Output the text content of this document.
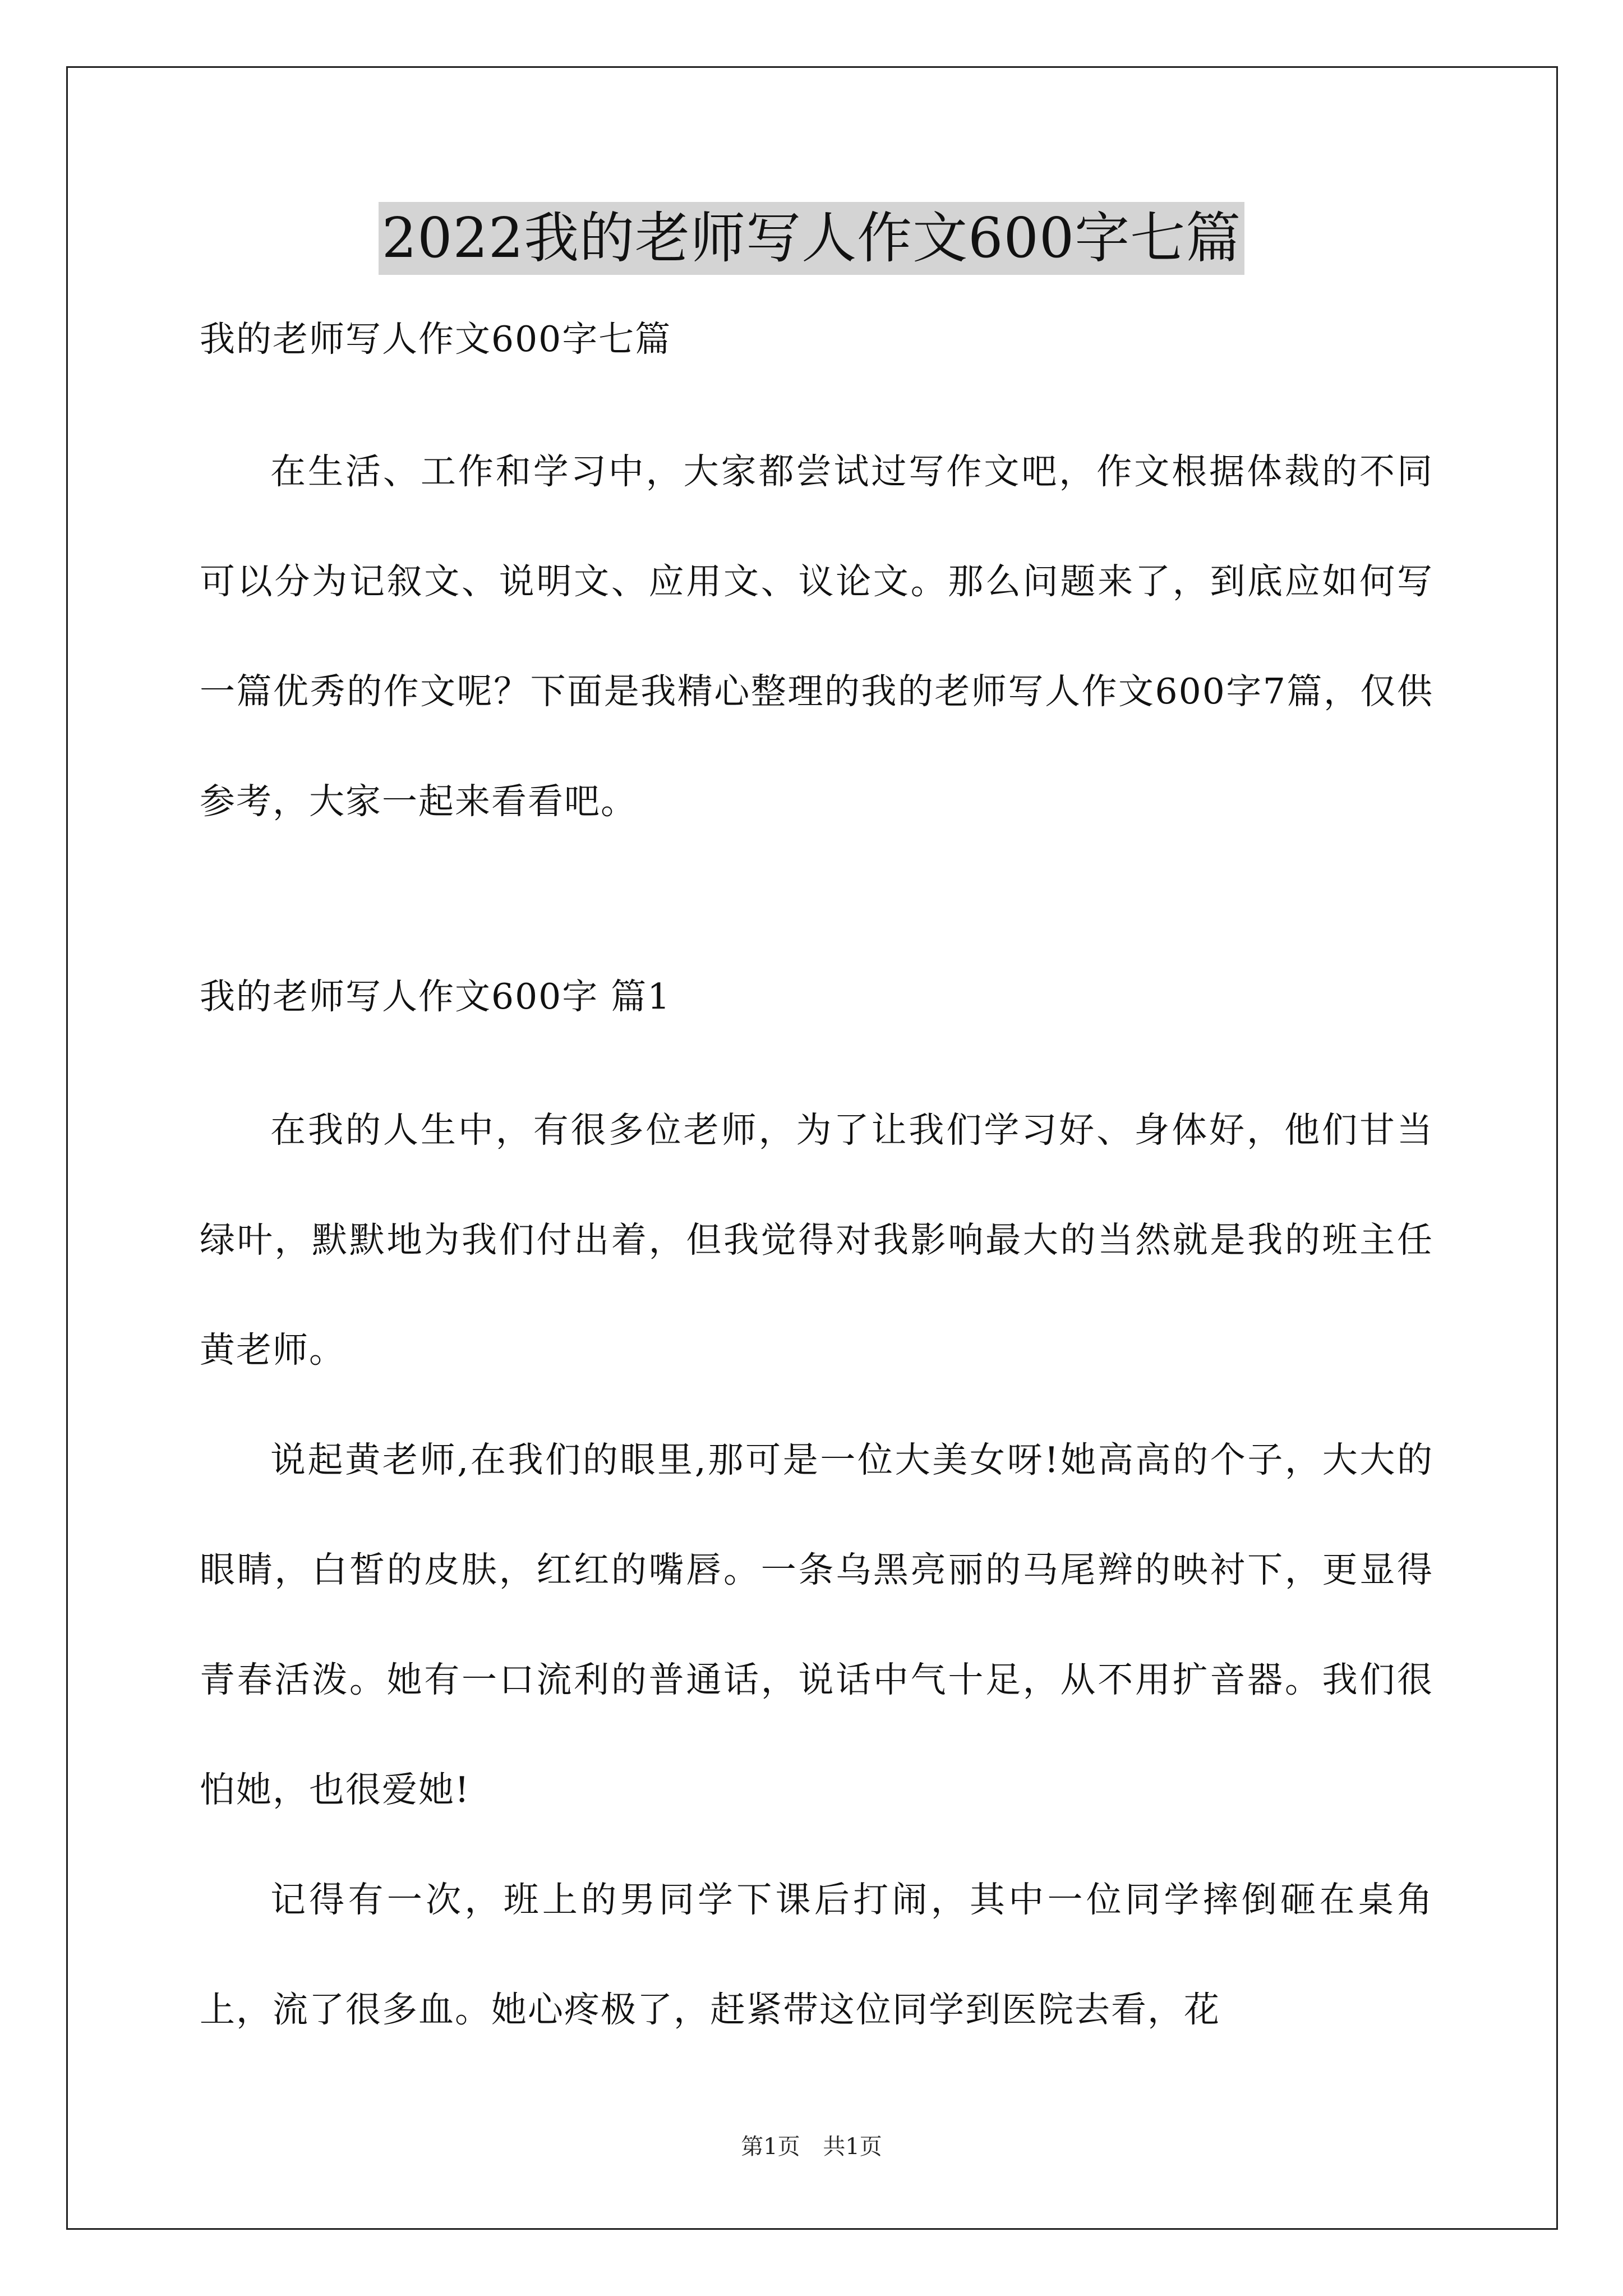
2022我的老师写人作文600字七篇

我的老师写人作文600字七篇

在生活、工作和学习中，大家都尝试过写作文吧，作文根据体裁的不同可以分为记叙文、说明文、应用文、议论文。那么问题来了，到底应如何写一篇优秀的作文呢？下面是我精心整理的我的老师写人作文600字7篇，仅供参考，大家一起来看看吧。

我的老师写人作文600字 篇1

在我的人生中，有很多位老师，为了让我们学习好、身体好，他们甘当绿叶，默默地为我们付出着，但我觉得对我影响最大的当然就是我的班主任黄老师。

说起黄老师,在我们的眼里,那可是一位大美女呀!她高高的个子，大大的眼睛，白皙的皮肤，红红的嘴唇。一条乌黑亮丽的马尾辫的映衬下，更显得青春活泼。她有一口流利的普通话，说话中气十足，从不用扩音器。我们很怕她，也很爱她!

记得有一次，班上的男同学下课后打闹，其中一位同学摔倒砸在桌角上，流了很多血。她心疼极了，赶紧带这位同学到医院去看，花

第1页 共1页
